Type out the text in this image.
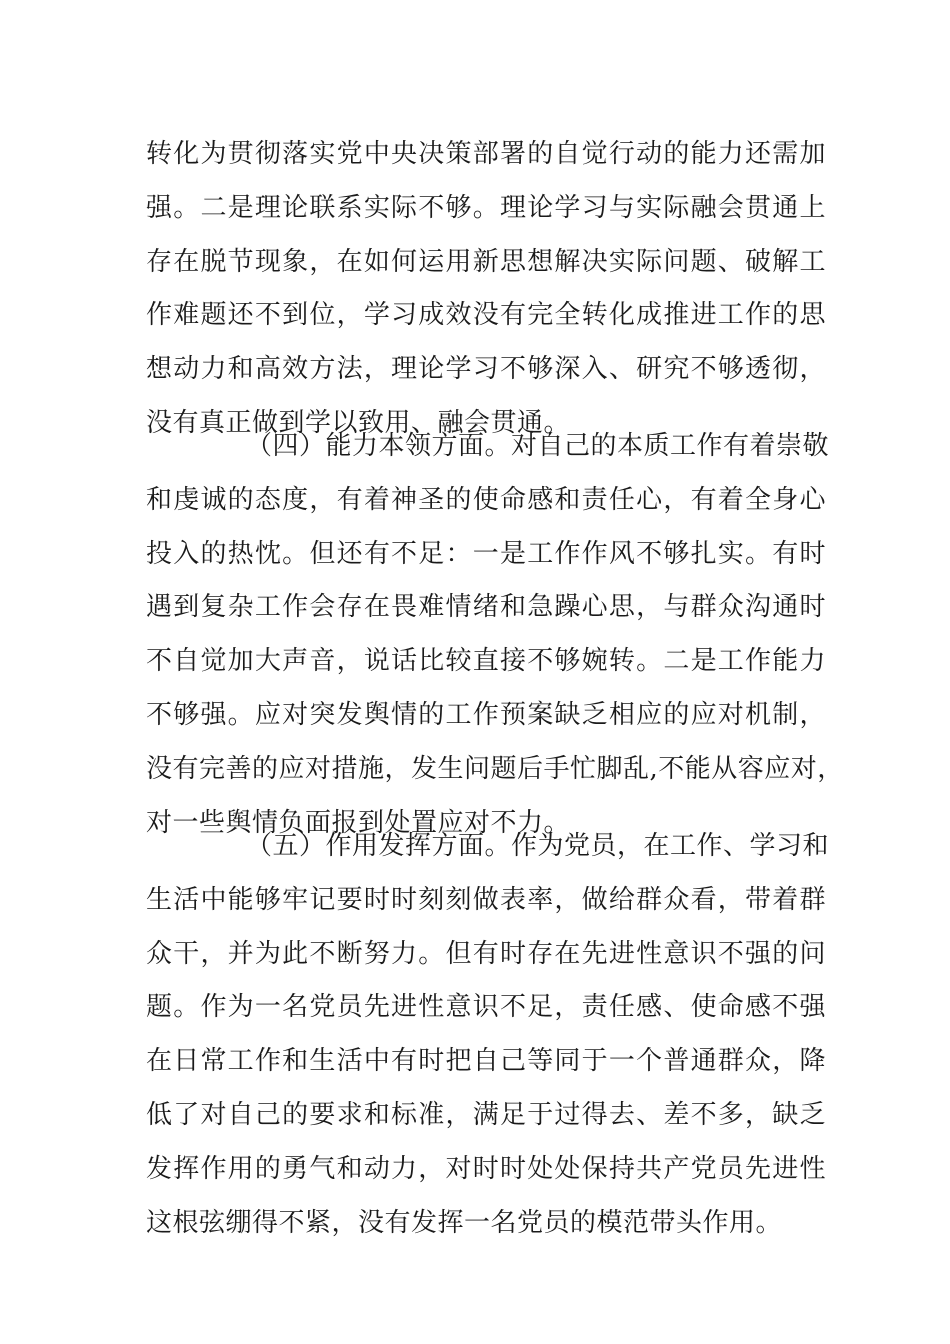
转化为贯彻落实党中央决策部署的自觉行动的能力还需加
强。二是理论联系实际不够。理论学习与实际融会贯通上
存在脱节现象，在如何运用新思想解决实际问题、破解工
作难题还不到位，学习成效没有完全转化成推进工作的思
想动力和高效方法，理论学习不够深入、研究不够透彻，
没有真正做到学以致用、融会贯通。
（四）能力本领方面。对自己的本质工作有着崇敬
和虔诚的态度，有着神圣的使命感和责任心，有着全身心
投入的热忱。但还有不足：一是工作作风不够扎实。有时
遇到复杂工作会存在畏难情绪和急躁心思，与群众沟通时
不自觉加大声音，说话比较直接不够婉转。二是工作能力
不够强。应对突发舆情的工作预案缺乏相应的应对机制，
没有完善的应对措施，发生问题后手忙脚乱,不能从容应对，
对一些舆情负面报到处置应对不力。
（五）作用发挥方面。作为党员，在工作、学习和
生活中能够牢记要时时刻刻做表率，做给群众看，带着群
众干，并为此不断努力。但有时存在先进性意识不强的问
题。作为一名党员先进性意识不足，责任感、使命感不强
在日常工作和生活中有时把自己等同于一个普通群众，降
低了对自己的要求和标准，满足于过得去、差不多，缺乏
发挥作用的勇气和动力，对时时处处保持共产党员先进性
这根弦绷得不紧，没有发挥一名党员的模范带头作用。
